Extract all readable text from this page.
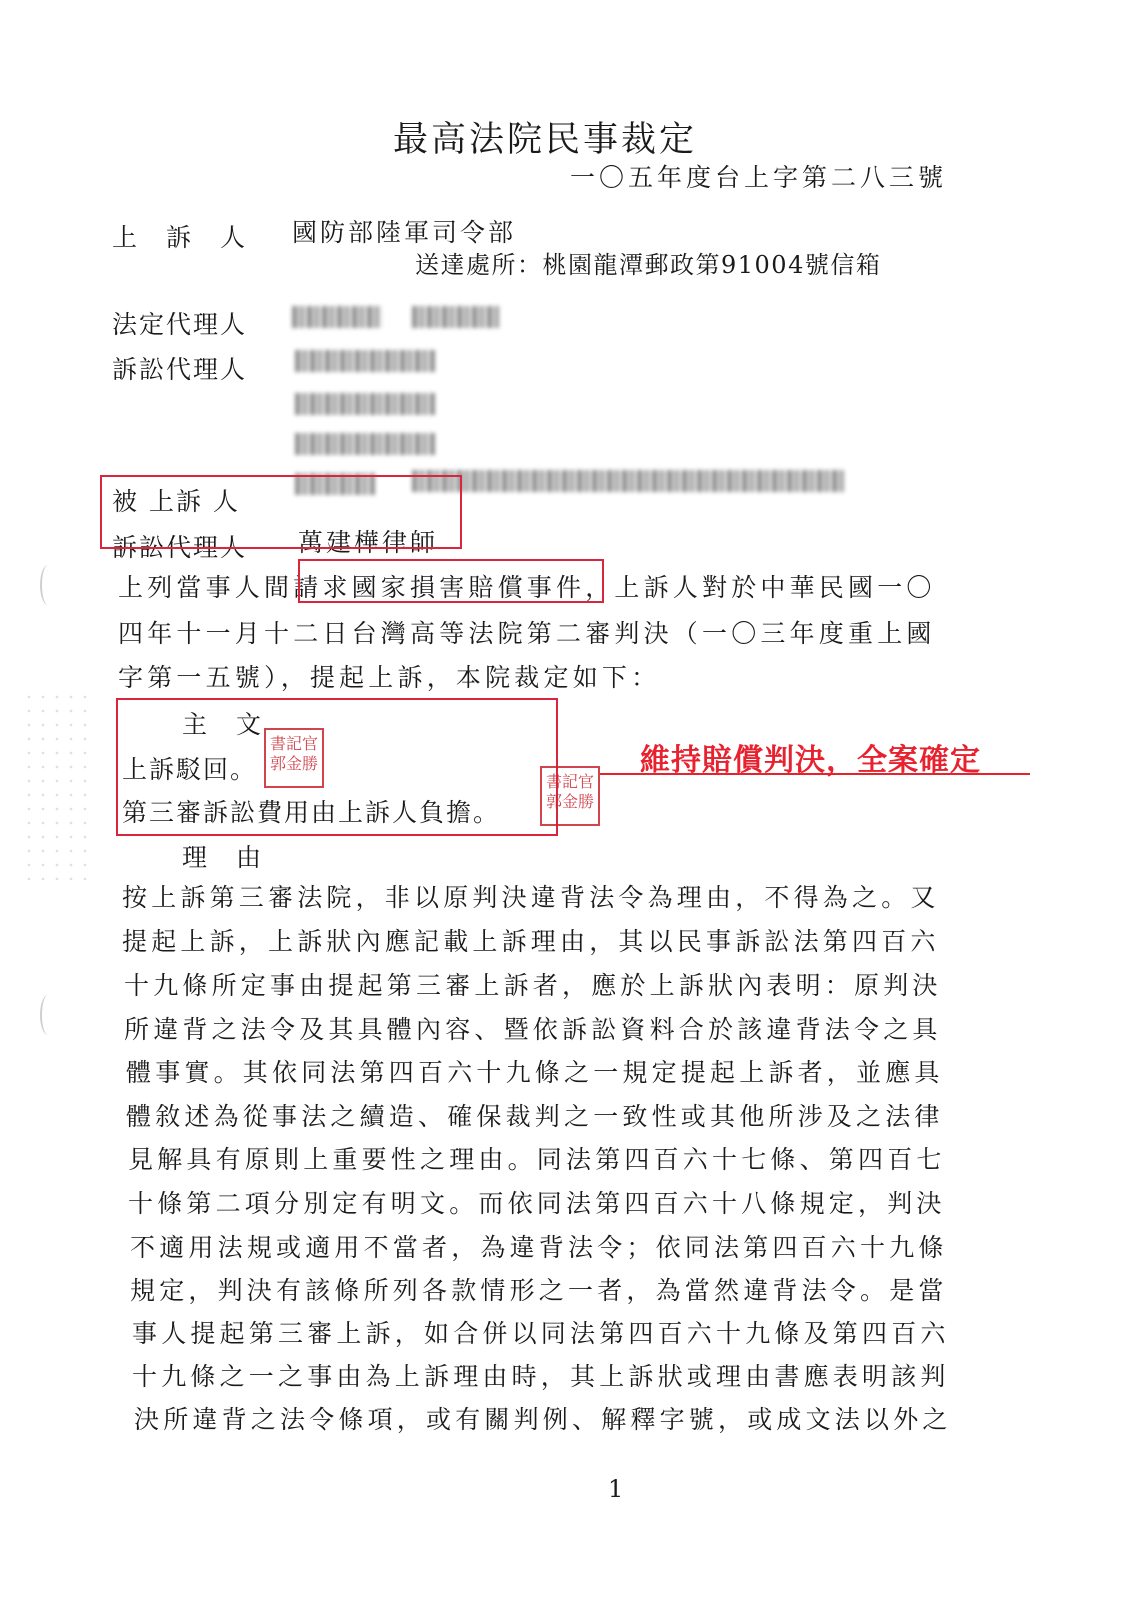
最高法院民事裁定
一〇五年度台上字第二八三號
上　訴　人 國防部陸軍司令部
送達處所：桃園龍潭郵政第91004號信箱
法定代理人
訴訟代理人
被 上訴 人
訴訟代理人 萬建樺律師
上列當事人間請求國家損害賠償事件，上訴人對於中華民國一〇
四年十一月十二日台灣高等法院第二審判決（一〇三年度重上國
字第一五號），提起上訴，本院裁定如下：
主　文
上訴駁回。
第三審訴訟費用由上訴人負擔。
書記官
郭金勝
書記官
郭金勝
維持賠償判決，全案確定
理　由
按上訴第三審法院，非以原判決違背法令為理由，不得為之。又
提起上訴，上訴狀內應記載上訴理由，其以民事訴訟法第四百六
十九條所定事由提起第三審上訴者，應於上訴狀內表明：原判決
所違背之法令及其具體內容、暨依訴訟資料合於該違背法令之具
體事實。其依同法第四百六十九條之一規定提起上訴者，並應具
體敘述為從事法之續造、確保裁判之一致性或其他所涉及之法律
見解具有原則上重要性之理由。同法第四百六十七條、第四百七
十條第二項分別定有明文。而依同法第四百六十八條規定，判決
不適用法規或適用不當者，為違背法令；依同法第四百六十九條
規定，判決有該條所列各款情形之一者，為當然違背法令。是當
事人提起第三審上訴，如合併以同法第四百六十九條及第四百六
十九條之一之事由為上訴理由時，其上訴狀或理由書應表明該判
決所違背之法令條項，或有關判例、解釋字號，或成文法以外之
1
